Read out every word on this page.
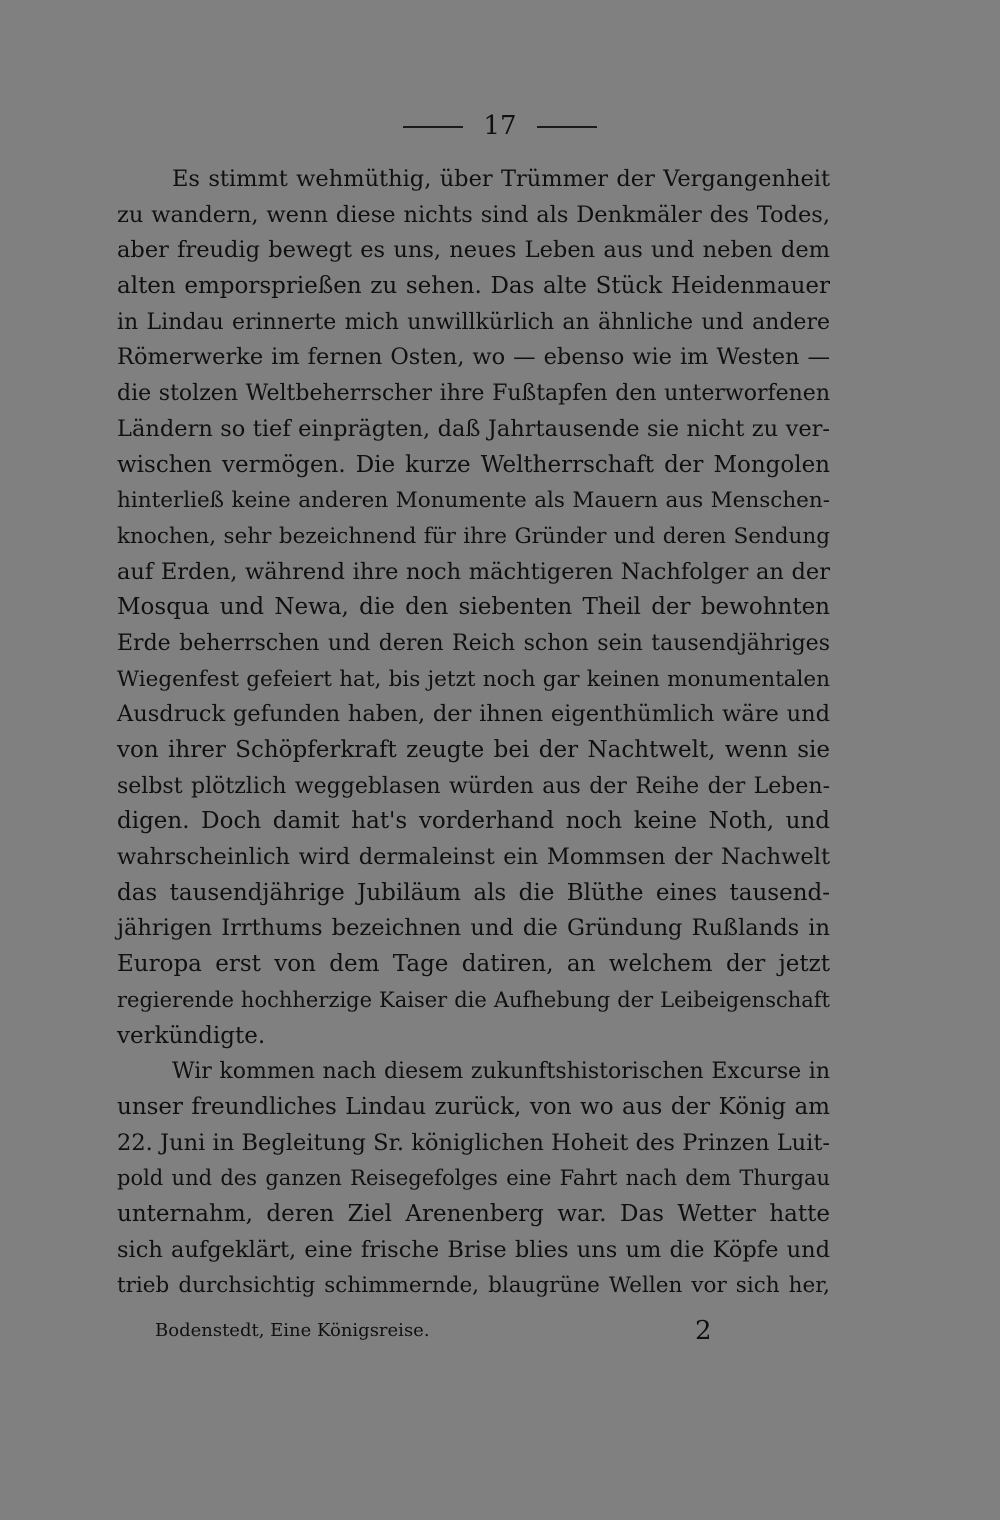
17
Es stimmt wehmüthig, über Trümmer der Vergangenheit
zu wandern, wenn diese nichts sind als Denkmäler des Todes,
aber freudig bewegt es uns, neues Leben aus und neben dem
alten emporsprießen zu sehen. Das alte Stück Heidenmauer
in Lindau erinnerte mich unwillkürlich an ähnliche und andere
Römerwerke im fernen Osten, wo — ebenso wie im Westen —
die stolzen Weltbeherrscher ihre Fußtapfen den unterworfenen
Ländern so tief einprägten, daß Jahrtausende sie nicht zu ver-
wischen vermögen. Die kurze Weltherrschaft der Mongolen
hinterließ keine anderen Monumente als Mauern aus Menschen-
knochen, sehr bezeichnend für ihre Gründer und deren Sendung
auf Erden, während ihre noch mächtigeren Nachfolger an der
Mosqua und Newa, die den siebenten Theil der bewohnten
Erde beherrschen und deren Reich schon sein tausendjähriges
Wiegenfest gefeiert hat, bis jetzt noch gar keinen monumentalen
Ausdruck gefunden haben, der ihnen eigenthümlich wäre und
von ihrer Schöpferkraft zeugte bei der Nachtwelt, wenn sie
selbst plötzlich weggeblasen würden aus der Reihe der Leben-
digen. Doch damit hat's vorderhand noch keine Noth, und
wahrscheinlich wird dermaleinst ein Mommsen der Nachwelt
das tausendjährige Jubiläum als die Blüthe eines tausend-
jährigen Irrthums bezeichnen und die Gründung Rußlands in
Europa erst von dem Tage datiren, an welchem der jetzt
regierende hochherzige Kaiser die Aufhebung der Leibeigenschaft
verkündigte.
Wir kommen nach diesem zukunftshistorischen Excurse in
unser freundliches Lindau zurück, von wo aus der König am
22. Juni in Begleitung Sr. königlichen Hoheit des Prinzen Luit-
pold und des ganzen Reisegefolges eine Fahrt nach dem Thurgau
unternahm, deren Ziel Arenenberg war. Das Wetter hatte
sich aufgeklärt, eine frische Brise blies uns um die Köpfe und
trieb durchsichtig schimmernde, blaugrüne Wellen vor sich her,
Bodenstedt, Eine Königsreise.	2
